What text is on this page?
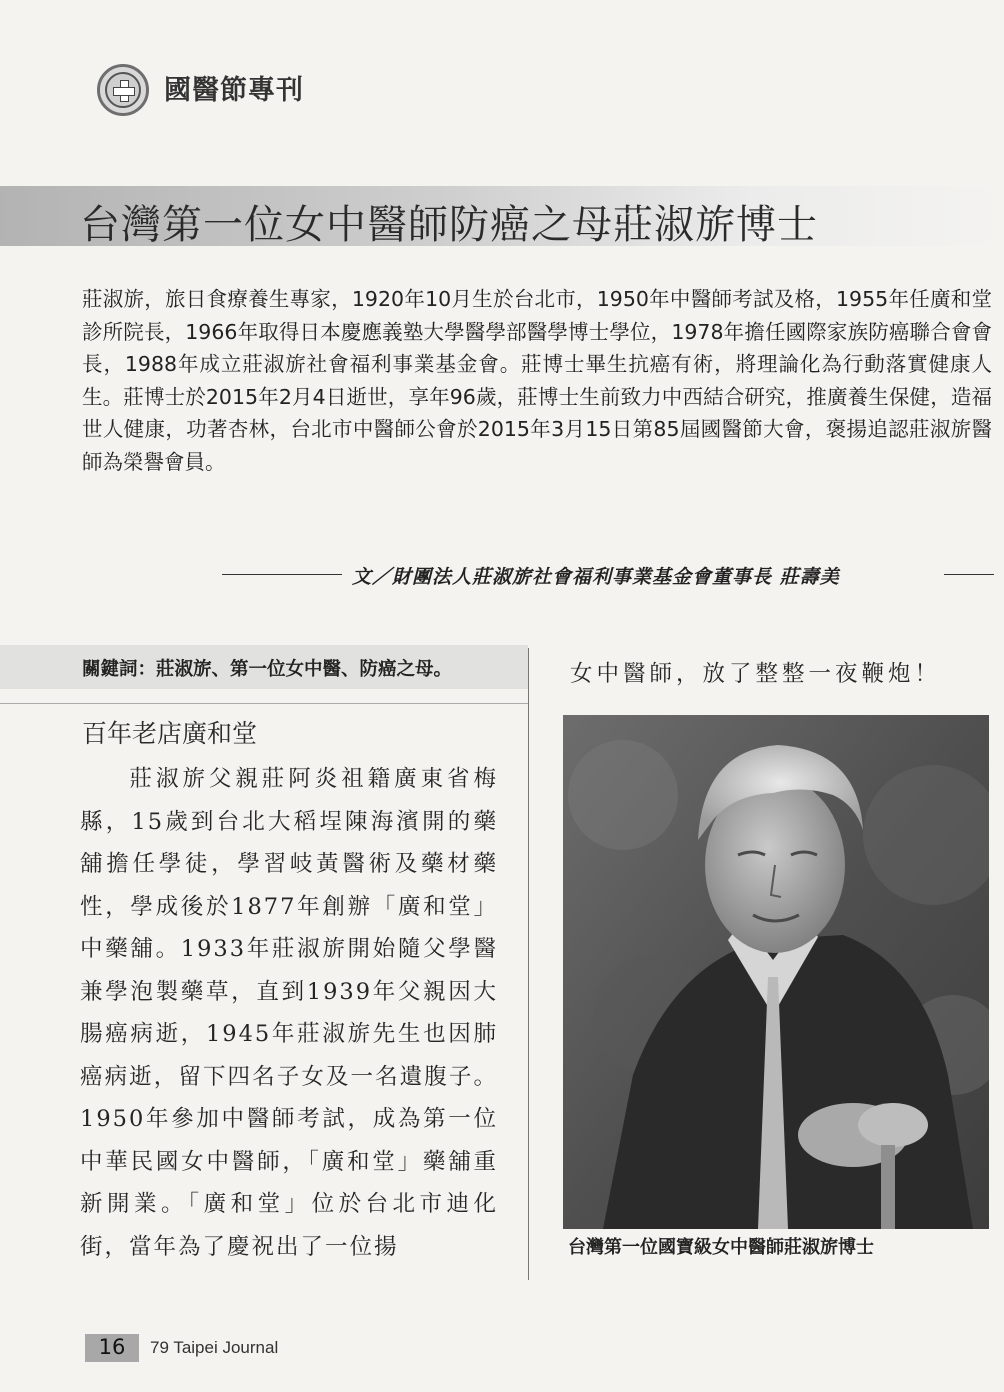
國醫節專刊
台灣第一位女中醫師防癌之母莊淑旂博士

莊淑旂，旅日食療養生專家，1920年10月生於台北市，1950年中醫師考試及格，1955年任廣和堂診所院長，1966年取得日本慶應義塾大學醫學部醫學博士學位，1978年擔任國際家族防癌聯合會會長，1988年成立莊淑旂社會福利事業基金會。莊博士畢生抗癌有術，將理論化為行動落實健康人生。莊博士於2015年2月4日逝世，享年96歲，莊博士生前致力中西結合研究，推廣養生保健，造福世人健康，功著杏林，台北市中醫師公會於2015年3月15日第85屆國醫節大會，褒揚追認莊淑旂醫師為榮譽會員。

文／財團法人莊淑旂社會福利事業基金會董事長 莊壽美
關鍵詞：莊淑旂、第一位女中醫、防癌之母。
百年老店廣和堂

莊淑旂父親莊阿炎祖籍廣東省梅縣，15歲到台北大稻埕陳海濱開的藥舖擔任學徒，學習岐黃醫術及藥材藥性，學成後於1877年創辦「廣和堂」中藥舖。1933年莊淑旂開始隨父學醫兼學泡製藥草，直到1939年父親因大腸癌病逝，1945年莊淑旂先生也因肺癌病逝，留下四名子女及一名遺腹子。1950年參加中醫師考試，成為第一位中華民國女中醫師，「廣和堂」藥舖重新開業。「廣和堂」位於台北市迪化街，當年為了慶祝出了一位揚

女中醫師，放了整整一夜鞭炮！
台灣第一位國寶級女中醫師莊淑旂博士
16	79 Taipei Journal
